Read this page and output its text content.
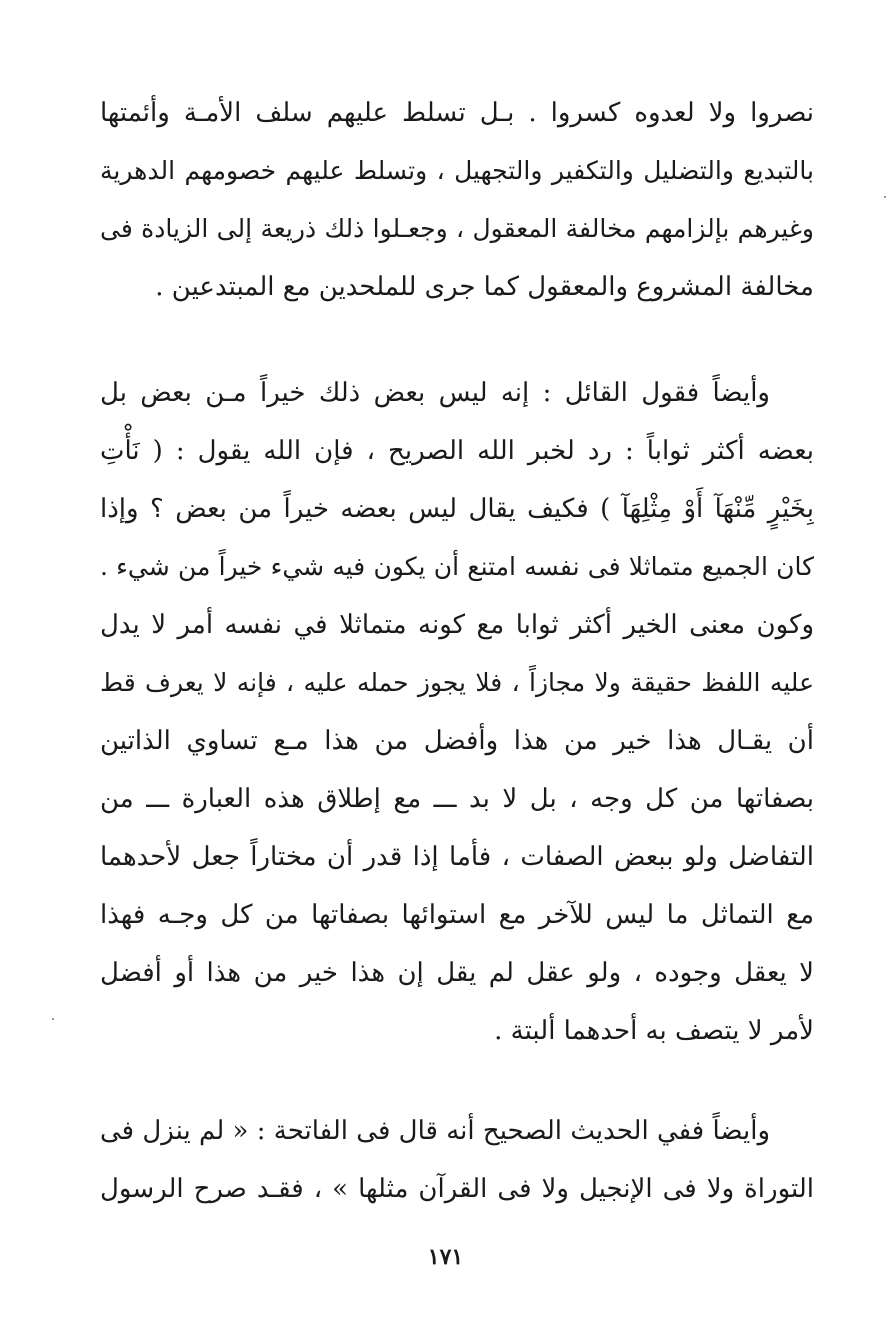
نصروا ولا لعدوه كسروا . بـل تسلط عليهم سلف الأمـة وأئمتها
بالتبديع والتضليل والتكفير والتجهيل ، وتسلط عليهم خصومهم الدهرية
وغيرهم بإلزامهم مخالفة المعقول ، وجعـلوا ذلك ذريعة إلى الزيادة فى
مخالفة المشروع والمعقول كما جرى للملحدين مع المبتدعين .
وأيضاً فقول القائل : إنه ليس بعض ذلك خيراً مـن بعض بل
بعضه أكثر ثواباً : رد لخبر الله الصريح ، فإن الله يقول : ( نَأْتِ
بِخَيْرٍ مِّنْهَآ أَوْ مِثْلِهَآ ) فكيف يقال ليس بعضه خيراً من بعض ؟ وإذا
كان الجميع متماثلا فى نفسه امتنع أن يكون فيه شيء خيراً من شيء .
وكون معنى الخير أكثر ثوابا مع كونه متماثلا في نفسه أمر لا يدل
عليه اللفظ حقيقة ولا مجازاً ، فلا يجوز حمله عليه ، فإنه لا يعرف قط
أن يقـال هذا خير من هذا وأفضل من هذا مـع تساوي الذاتين
بصفاتها من كل وجه ، بل لا بد ـــ مع إطلاق هذه العبارة ـــ من
التفاضل ولو ببعض الصفات ، فأما إذا قدر أن مختاراً جعل لأحدهما
مع التماثل ما ليس للآخر مع استوائها بصفاتها من كل وجـه فهذا
لا يعقل وجوده ، ولو عقل لم يقل إن هذا خير من هذا أو أفضل
لأمر لا يتصف به أحدهما ألبتة .
وأيضاً ففي الحديث الصحيح أنه قال فى الفاتحة : « لم ينزل فى
التوراة ولا فى الإنجيل ولا فى القرآن مثلها » ، فقـد صرح الرسول
١٧١
